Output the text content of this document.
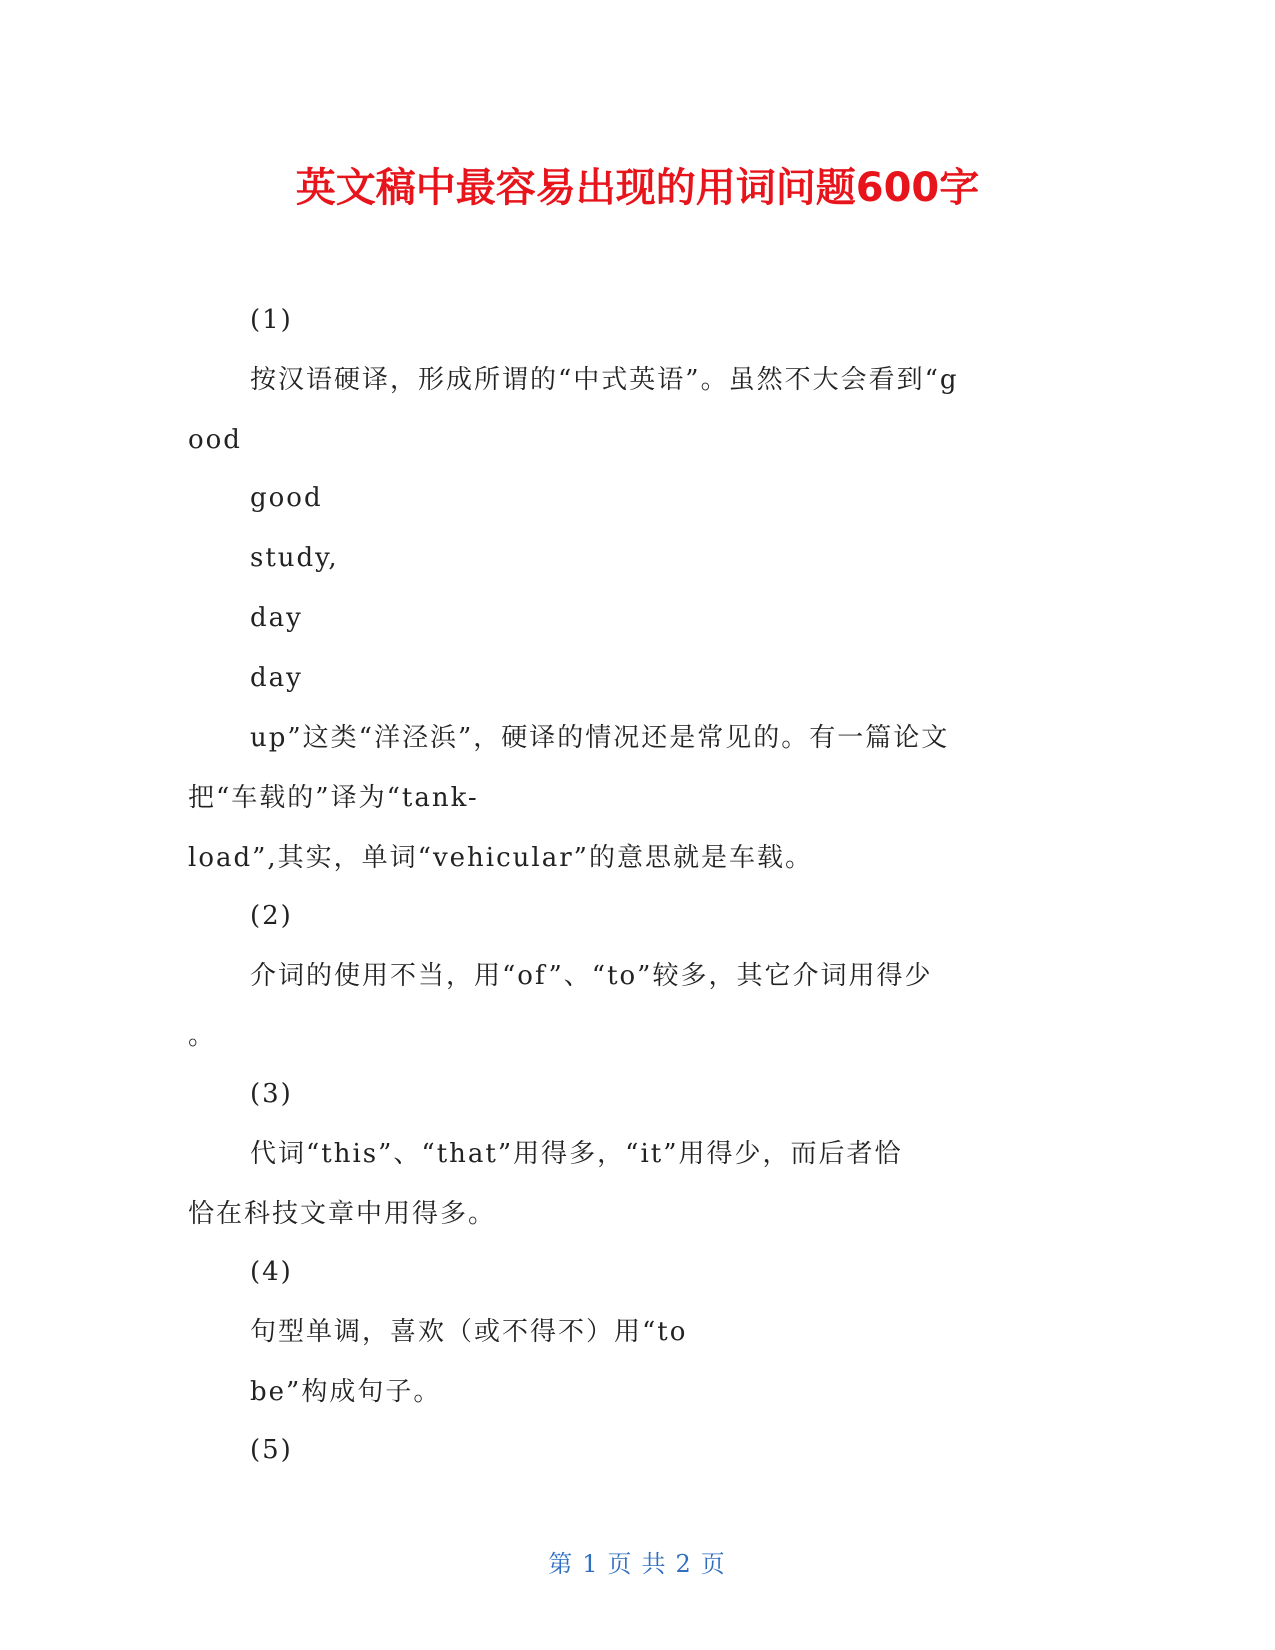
英文稿中最容易出现的用词问题600字
(1)
按汉语硬译，形成所谓的“中式英语”。虽然不大会看到“g
ood
good
study,
day
day
up”这类“洋泾浜”，硬译的情况还是常见的。有一篇论文
把“车载的”译为“tank-
load”,其实，单词“vehicular”的意思就是车载。
(2)
介词的使用不当，用“of”、“to”较多，其它介词用得少
。
(3)
代词“this”、“that”用得多，“it”用得少，而后者恰
恰在科技文章中用得多。
(4)
句型单调，喜欢（或不得不）用“to
be”构成句子。
(5)
第 1 页 共 2 页
